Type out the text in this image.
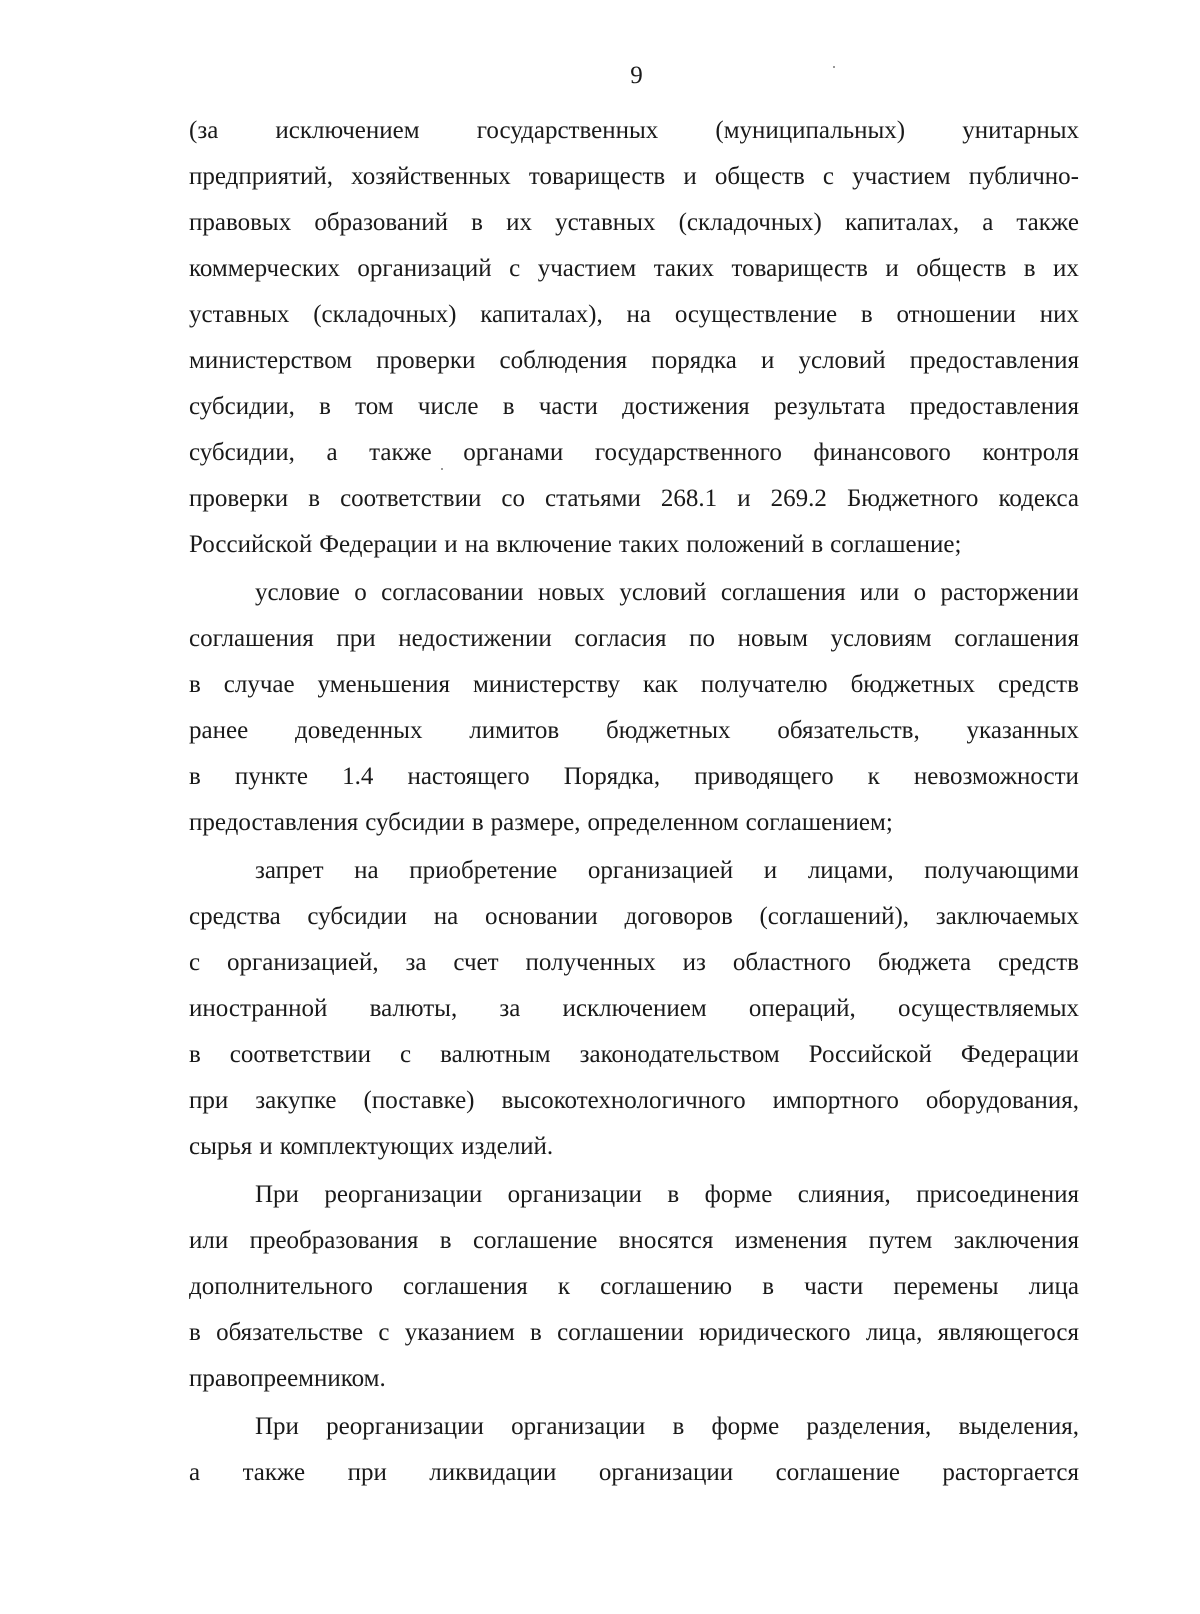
9
(за исключением государственных (муниципальных) унитарных
предприятий, хозяйственных товариществ и обществ с участием публично-
правовых образований в их уставных (складочных) капиталах, а также
коммерческих организаций с участием таких товариществ и обществ в их
уставных (складочных) капиталах), на осуществление в отношении них
министерством проверки соблюдения порядка и условий предоставления
субсидии, в том числе в части достижения результата предоставления
субсидии, а также органами государственного финансового контроля
проверки в соответствии со статьями 268.1 и 269.2 Бюджетного кодекса
Российской Федерации и на включение таких положений в соглашение;
условие о согласовании новых условий соглашения или о расторжении
соглашения при недостижении согласия по новым условиям соглашения
в случае уменьшения министерству как получателю бюджетных средств
ранее доведенных лимитов бюджетных обязательств, указанных
в пункте 1.4 настоящего Порядка, приводящего к невозможности
предоставления субсидии в размере, определенном соглашением;
запрет на приобретение организацией и лицами, получающими
средства субсидии на основании договоров (соглашений), заключаемых
с организацией, за счет полученных из областного бюджета средств
иностранной валюты, за исключением операций, осуществляемых
в соответствии с валютным законодательством Российской Федерации
при закупке (поставке) высокотехнологичного импортного оборудования,
сырья и комплектующих изделий.
При реорганизации организации в форме слияния, присоединения
или преобразования в соглашение вносятся изменения путем заключения
дополнительного соглашения к соглашению в части перемены лица
в обязательстве с указанием в соглашении юридического лица, являющегося
правопреемником.
При реорганизации организации в форме разделения, выделения,
а также при ликвидации организации соглашение расторгается
